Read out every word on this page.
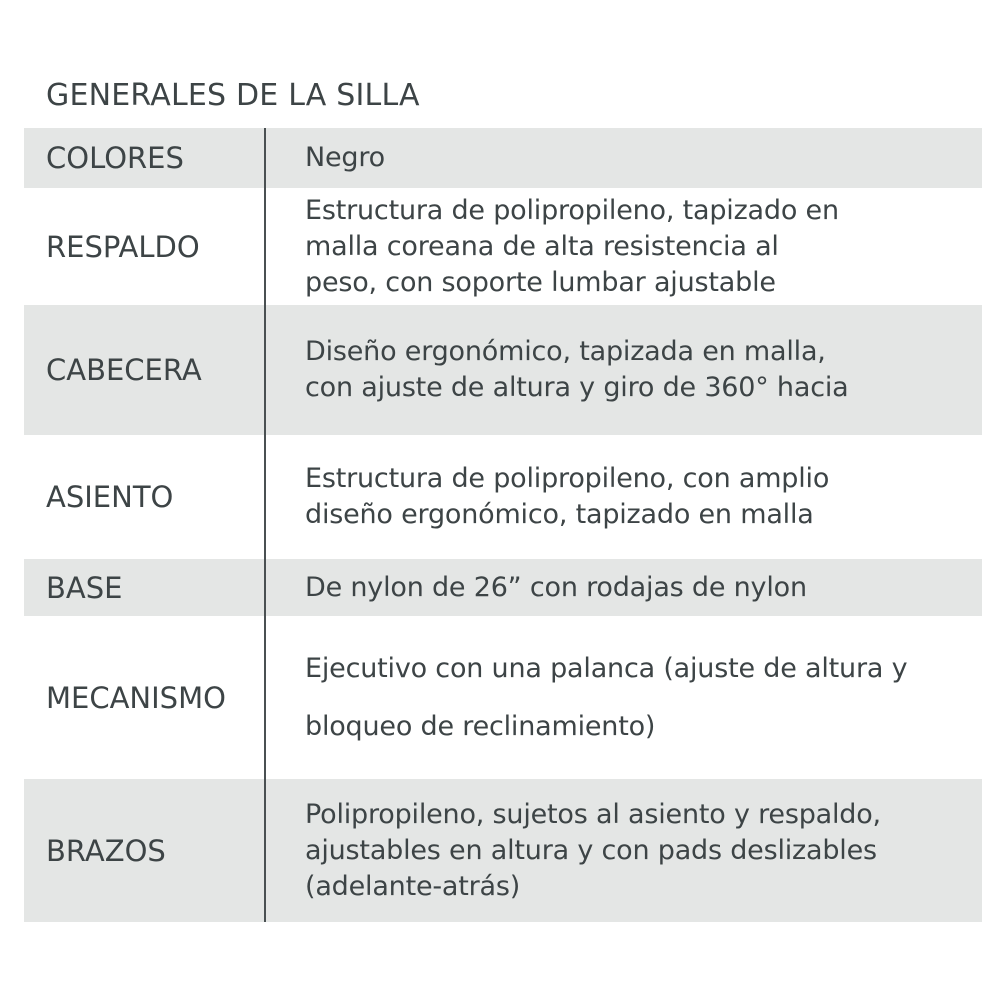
GENERALES DE LA SILLA
COLORES	Negro
RESPALDO
Estructura de polipropileno, tapizado en
malla coreana de alta resistencia al
peso, con soporte lumbar ajustable
CABECERA
Diseño ergonómico, tapizada en malla,
con ajuste de altura y giro de 360° hacia
ASIENTO
Estructura de polipropileno, con amplio
diseño ergonómico, tapizado en malla
BASE	De nylon de 26” con rodajas de nylon
MECANISMO
Ejecutivo con una palanca (ajuste de altura y
bloqueo de reclinamiento)
BRAZOS
Polipropileno, sujetos al asiento y respaldo,
ajustables en altura y con pads deslizables
(adelante-atrás)
